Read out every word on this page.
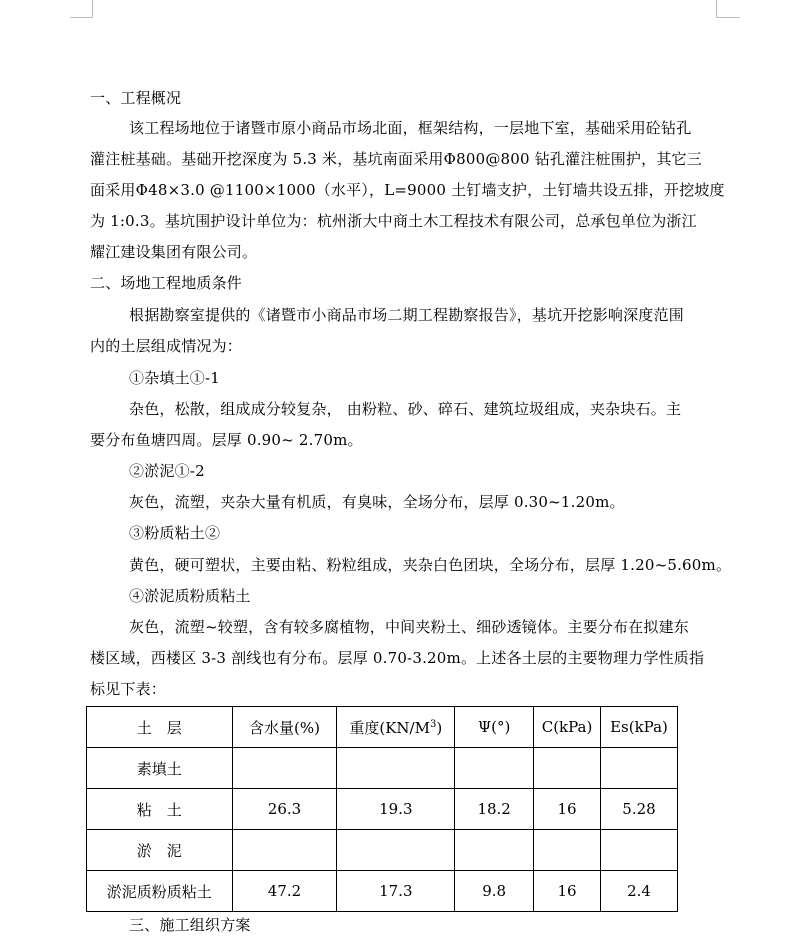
一、工程概况
该工程场地位于诸暨市原小商品市场北面，框架结构，一层地下室，基础采用砼钻孔
灌注桩基础。基础开挖深度为 5.3 米，基坑南面采用Φ800@800 钻孔灌注桩围护，其它三
面采用Φ48×3.0 @1100×1000（水平），L=9000 土钉墙支护，土钉墙共设五排，开挖坡度
为 1:0.3。基坑围护设计单位为：杭州浙大中商土木工程技术有限公司，总承包单位为浙江
耀江建设集团有限公司。
二、场地工程地质条件
根据勘察室提供的《诸暨市小商品市场二期工程勘察报告》，基坑开挖影响深度范围
内的土层组成情况为：
①杂填土①-1
杂色，松散，组成成分较复杂， 由粉粒、砂、碎石、建筑垃圾组成，夹杂块石。主
要分布鱼塘四周。层厚 0.90~ 2.70m。
②淤泥①-2
灰色，流塑，夹杂大量有机质，有臭味，全场分布，层厚 0.30~1.20m。
③粉质粘土②
黄色，硬可塑状，主要由粘、粉粒组成，夹杂白色团块，全场分布，层厚 1.20~5.60m。
④淤泥质粉质粘土
灰色，流塑~较塑，含有较多腐植物，中间夹粉土、细砂透镜体。主要分布在拟建东
楼区域，西楼区 3-3 剖线也有分布。层厚 0.70-3.20m。上述各土层的主要物理力学性质指
标见下表：
土　层	含水量(%)	重度$(KN/M^3)$	Ψ(°)	C(kPa)	Es(kPa)
素填土					
粘　土	26.3	19.3	18.2	16	5.28
淤　泥					
淤泥质粉质粘土	47.2	17.3	9.8	16	2.4
三、施工组织方案
